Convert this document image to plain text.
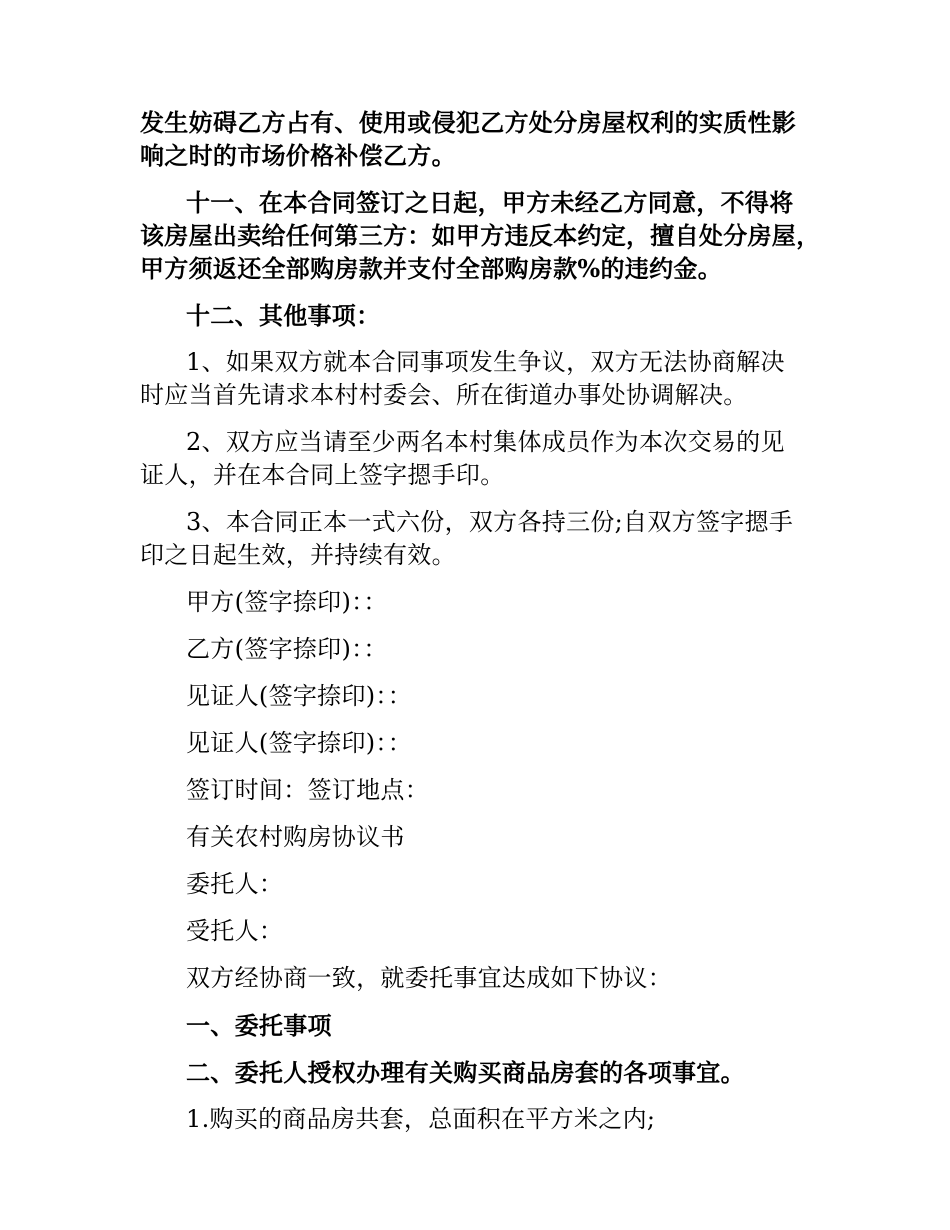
发生妨碍乙方占有、使用或侵犯乙方处分房屋权利的实质性影

响之时的市场价格补偿乙方。

十一、在本合同签订之日起，甲方未经乙方同意，不得将

该房屋出卖给任何第三方：如甲方违反本约定，擅自处分房屋，

甲方须返还全部购房款并支付全部购房款%的违约金。

十二、其他事项：

1、如果双方就本合同事项发生争议，双方无法协商解决

时应当首先请求本村村委会、所在街道办事处协调解决。

2、双方应当请至少两名本村集体成员作为本次交易的见

证人，并在本合同上签字摁手印。

3、本合同正本一式六份，双方各持三份;自双方签字摁手

印之日起生效，并持续有效。

甲方(签字捺印)：：

乙方(签字捺印)：：

见证人(签字捺印)：：

见证人(签字捺印)：：

签订时间：签订地点：

有关农村购房协议书

委托人：

受托人：

双方经协商一致，就委托事宜达成如下协议：

一、委托事项

二、委托人授权办理有关购买商品房套的各项事宜。

1.购买的商品房共套，总面积在平方米之内;
